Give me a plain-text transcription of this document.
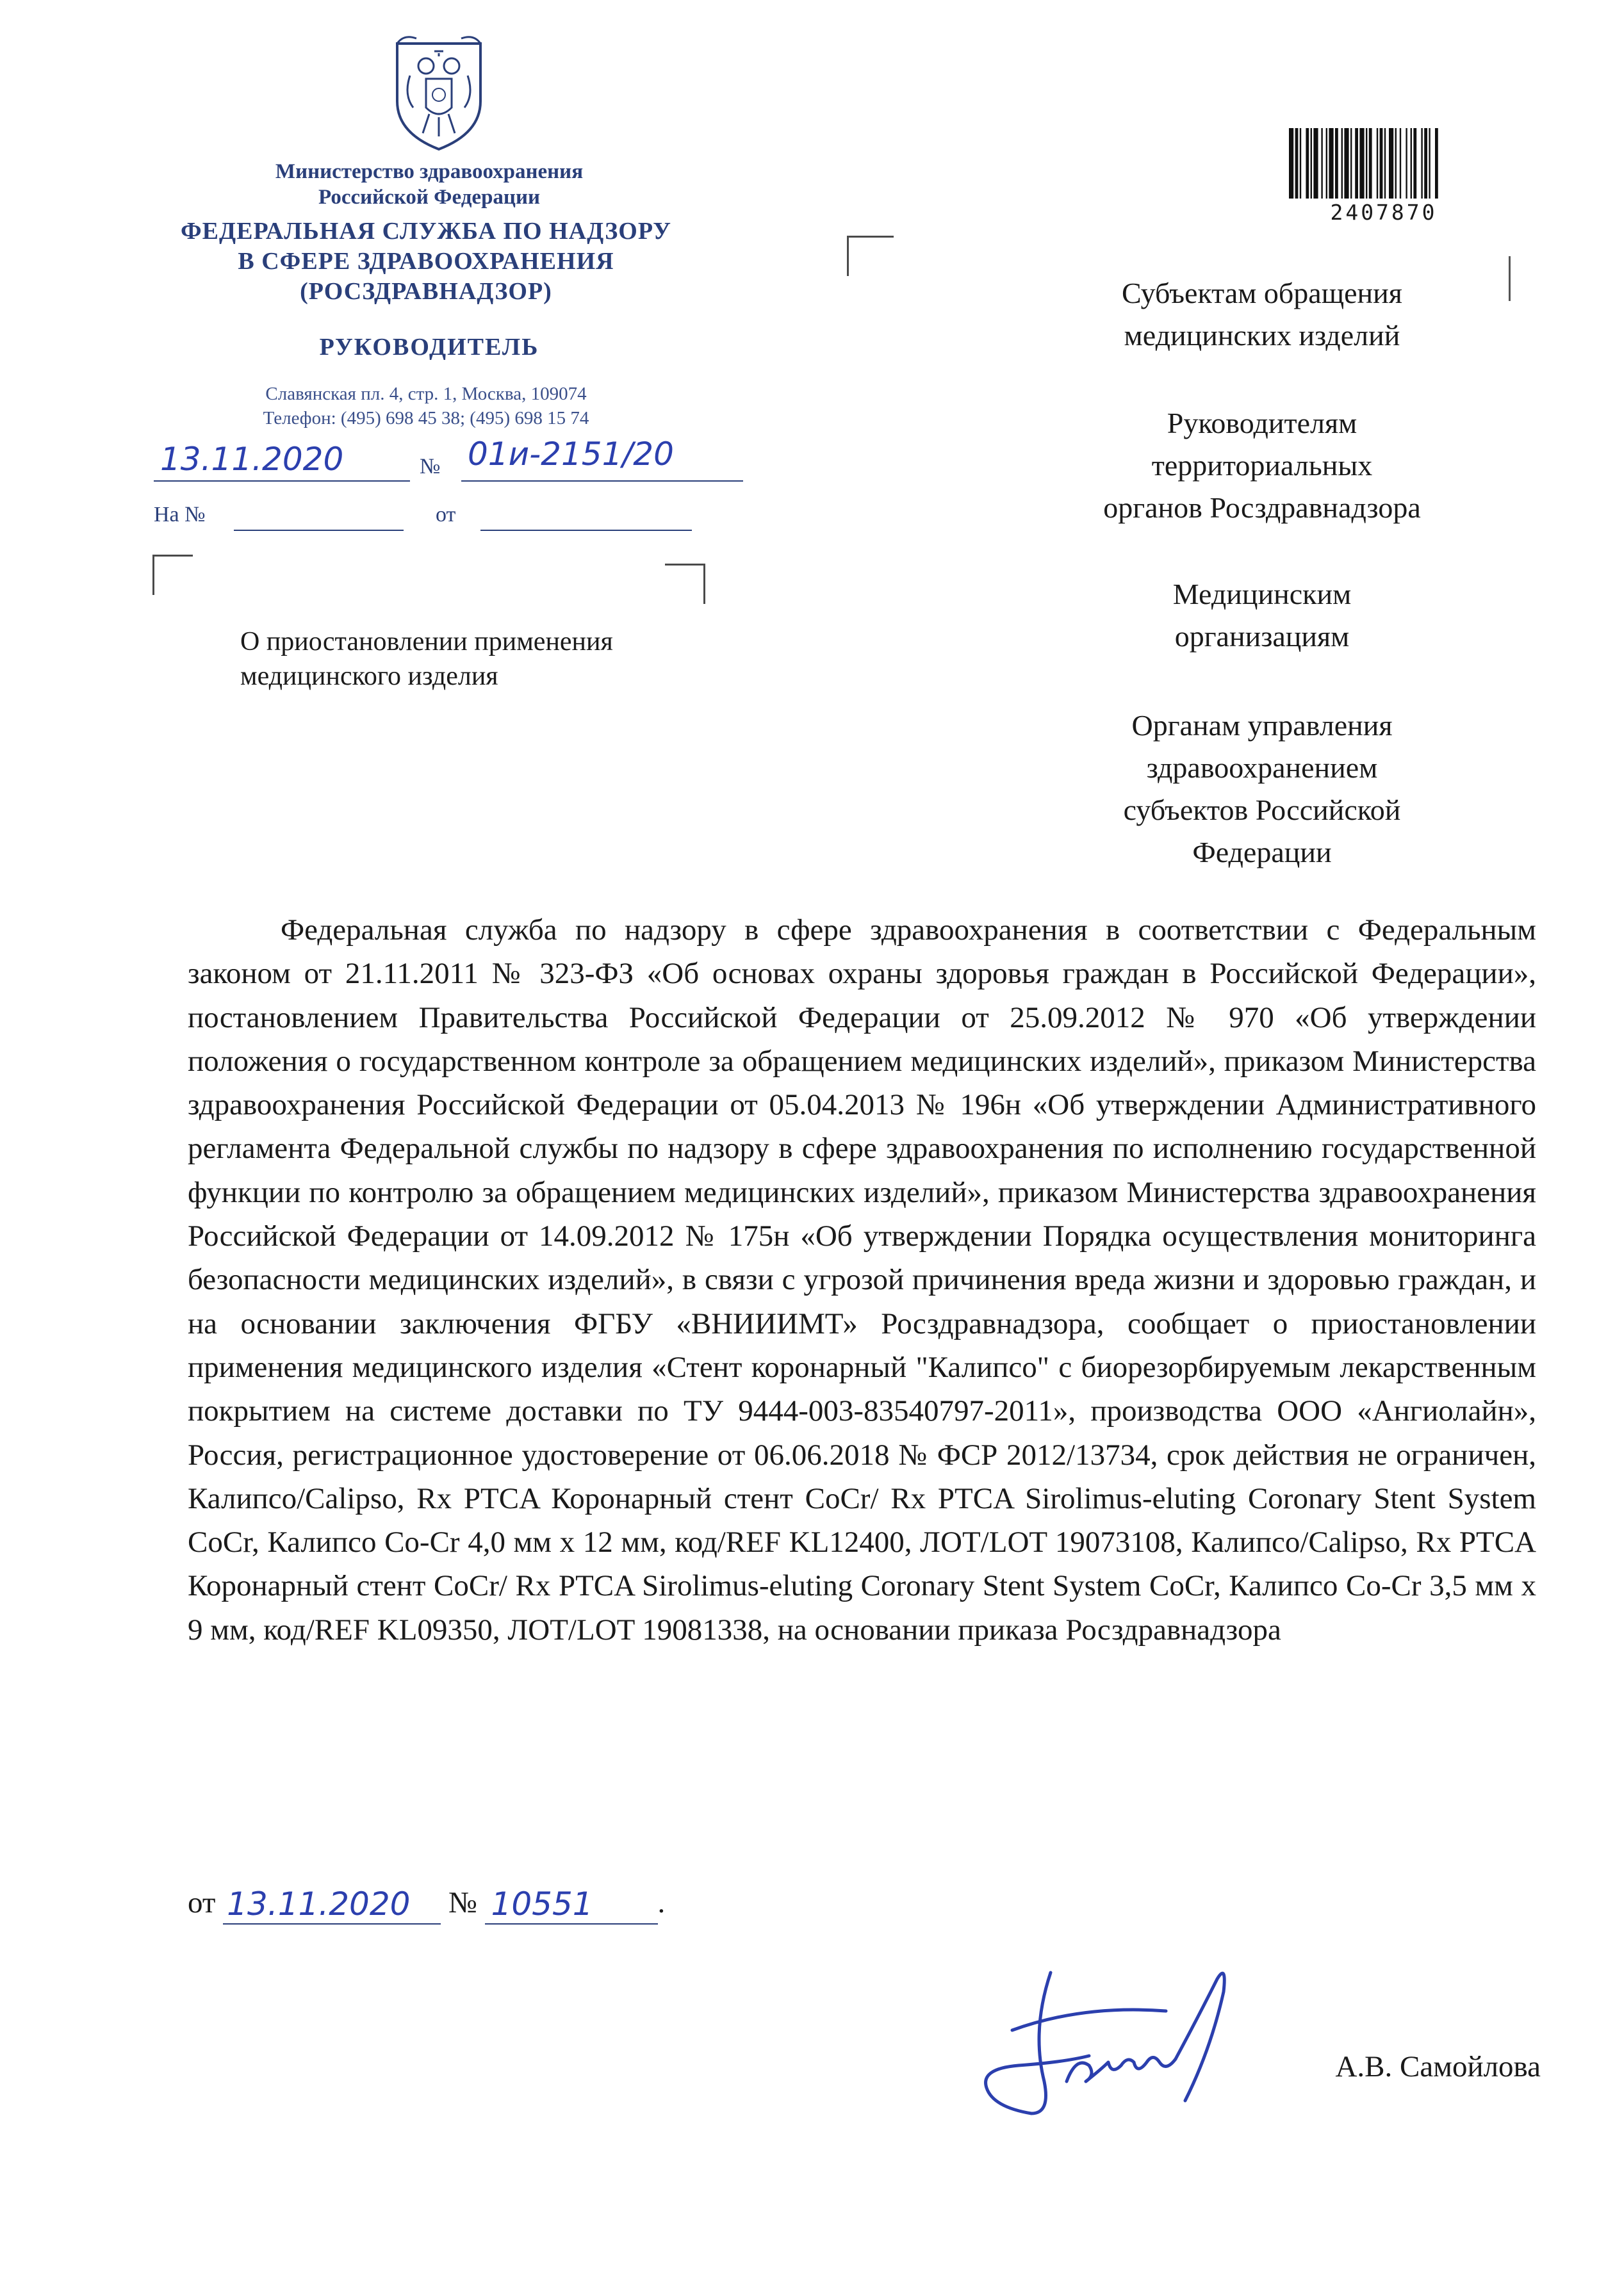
Министерство здравоохранения
Российской Федерации
ФЕДЕРАЛЬНАЯ СЛУЖБА ПО НАДЗОРУ
В СФЕРЕ ЗДРАВООХРАНЕНИЯ
(РОСЗДРАВНАДЗОР)
РУКОВОДИТЕЛЬ
Славянская пл. 4, стр. 1, Москва, 109074
Телефон: (495) 698 45 38; (495) 698 15 74
13.11.2020	№ 01и-2151/20
На №	от
О приостановлении применения
медицинского изделия
2407870
Субъектам обращения
медицинских изделий
Руководителям
территориальных
органов Росздравнадзора
Медицинским
организациям
Органам управления
здравоохранением
субъектов Российской
Федерации
Федеральная служба по надзору в сфере здравоохранения в соответствии с Федеральным законом от 21.11.2011 № 323-ФЗ «Об основах охраны здоровья граждан в Российской Федерации», постановлением Правительства Российской Федерации от 25.09.2012 № 970 «Об утверждении положения о государственном контроле за обращением медицинских изделий», приказом Министерства здравоохранения Российской Федерации от 05.04.2013 № 196н «Об утверждении Административного регламента Федеральной службы по надзору в сфере здравоохранения по исполнению государственной функции по контролю за обращением медицинских изделий», приказом Министерства здравоохранения Российской Федерации от 14.09.2012 № 175н «Об утверждении Порядка осуществления мониторинга безопасности медицинских изделий», в связи с угрозой причинения вреда жизни и здоровью граждан, и на основании заключения ФГБУ «ВНИИИМТ» Росздравнадзора, сообщает о приостановлении применения медицинского изделия «Стент коронарный "Калипсо" с биорезорбируемым лекарственным покрытием на системе доставки по ТУ 9444-003-83540797-2011», производства ООО «Ангиолайн», Россия, регистрационное удостоверение от 06.06.2018 № ФСР 2012/13734, срок действия не ограничен, Калипсо/Calipso, Rx PTCA Коронарный стент CoCr/ Rx PTCA Sirolimus-eluting Coronary Stent System CoCr, Калипсо Co-Cr 4,0 мм x 12 мм, код/REF KL12400, ЛОТ/LOT 19073108, Калипсо/Calipso, Rx PTCA Коронарный стент CoCr/ Rx PTCA Sirolimus-eluting Coronary Stent System CoCr, Калипсо Co-Cr 3,5 мм x 9 мм, код/REF KL09350, ЛОТ/LOT 19081338, на основании приказа Росздравнадзора
от 13.11.2020 № 10551 .
А.В. Самойлова
